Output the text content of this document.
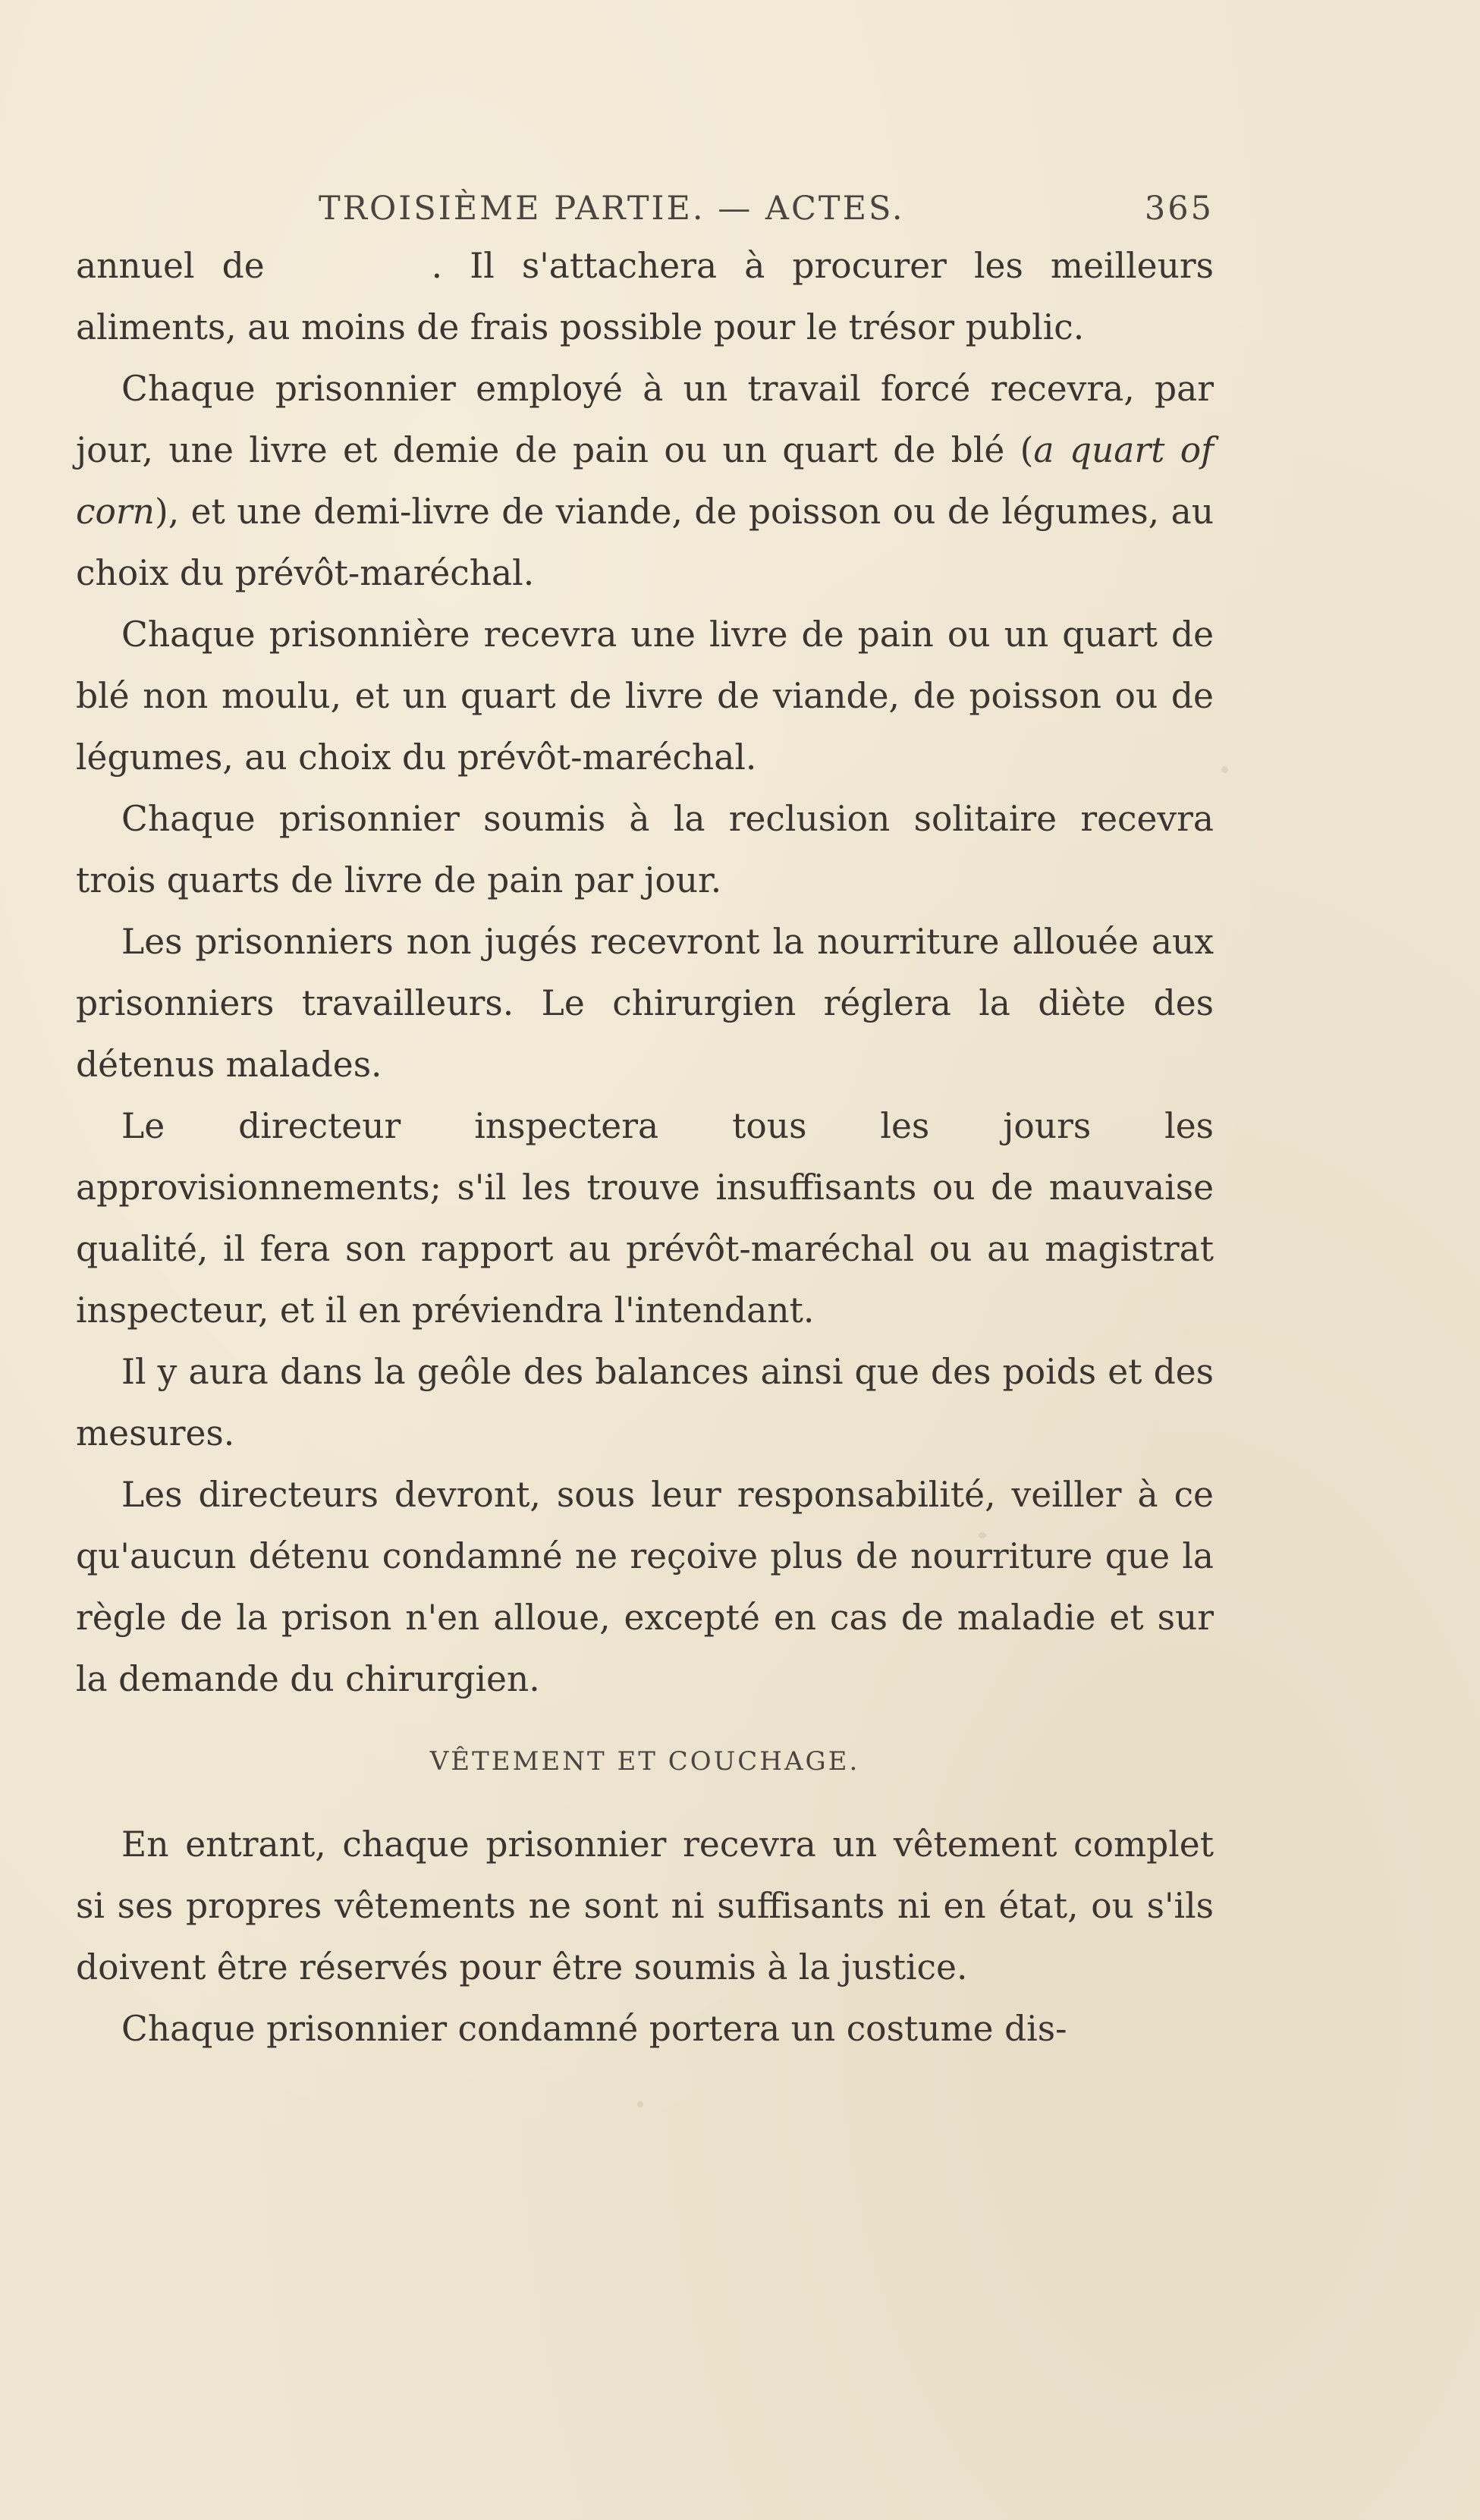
TROISIÈME PARTIE. — ACTES.	365

annuel de	. Il s'attachera à procurer les meilleurs aliments, au moins de frais possible pour le trésor public.

Chaque prisonnier employé à un travail forcé recevra, par jour, une livre et demie de pain ou un quart de blé (a quart of corn), et une demi-livre de viande, de poisson ou de légumes, au choix du prévôt-maréchal.

Chaque prisonnière recevra une livre de pain ou un quart de blé non moulu, et un quart de livre de viande, de poisson ou de légumes, au choix du prévôt-maréchal.

Chaque prisonnier soumis à la reclusion solitaire recevra trois quarts de livre de pain par jour.

Les prisonniers non jugés recevront la nourriture allouée aux prisonniers travailleurs. Le chirurgien réglera la diète des détenus malades.

Le directeur inspectera tous les jours les approvisionnements; s'il les trouve insuffisants ou de mauvaise qualité, il fera son rapport au prévôt-maréchal ou au magistrat inspecteur, et il en préviendra l'intendant.

Il y aura dans la geôle des balances ainsi que des poids et des mesures.

Les directeurs devront, sous leur responsabilité, veiller à ce qu'aucun détenu condamné ne reçoive plus de nourriture que la règle de la prison n'en alloue, excepté en cas de maladie et sur la demande du chirurgien.

VÊTEMENT ET COUCHAGE.

En entrant, chaque prisonnier recevra un vêtement complet si ses propres vêtements ne sont ni suffisants ni en état, ou s'ils doivent être réservés pour être soumis à la justice.

Chaque prisonnier condamné portera un costume dis-
